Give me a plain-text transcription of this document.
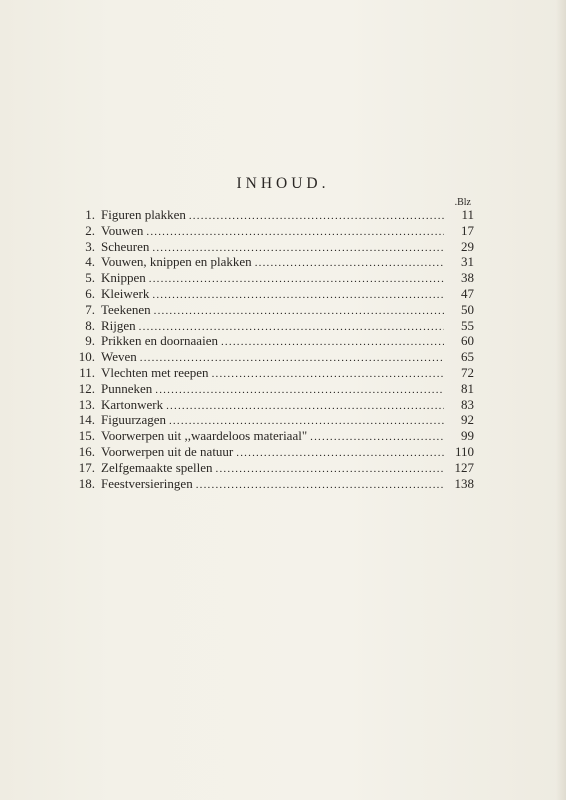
INHOUD.
Blz.
1. Figuren plakken .....	11
2. Vouwen .....	17
3. Scheuren .....	29
4. Vouwen, knippen en plakken .....	31
5. Knippen .....	38
6. Kleiwerk .....	47
7. Teekenen .....	50
8. Rijgen .....	55
9. Prikken en doornaaien .....	60
10. Weven .....	65
11. Vlechten met reepen .....	72
12. Punneken .....	81
13. Kartonwerk .....	83
14. Figuurzagen .....	92
15. Voorwerpen uit ,,waardeloos materiaal" .....	99
16. Voorwerpen uit de natuur .....	110
17. Zelfgemaakte spellen .....	127
18. Feestversieringen .....	138
